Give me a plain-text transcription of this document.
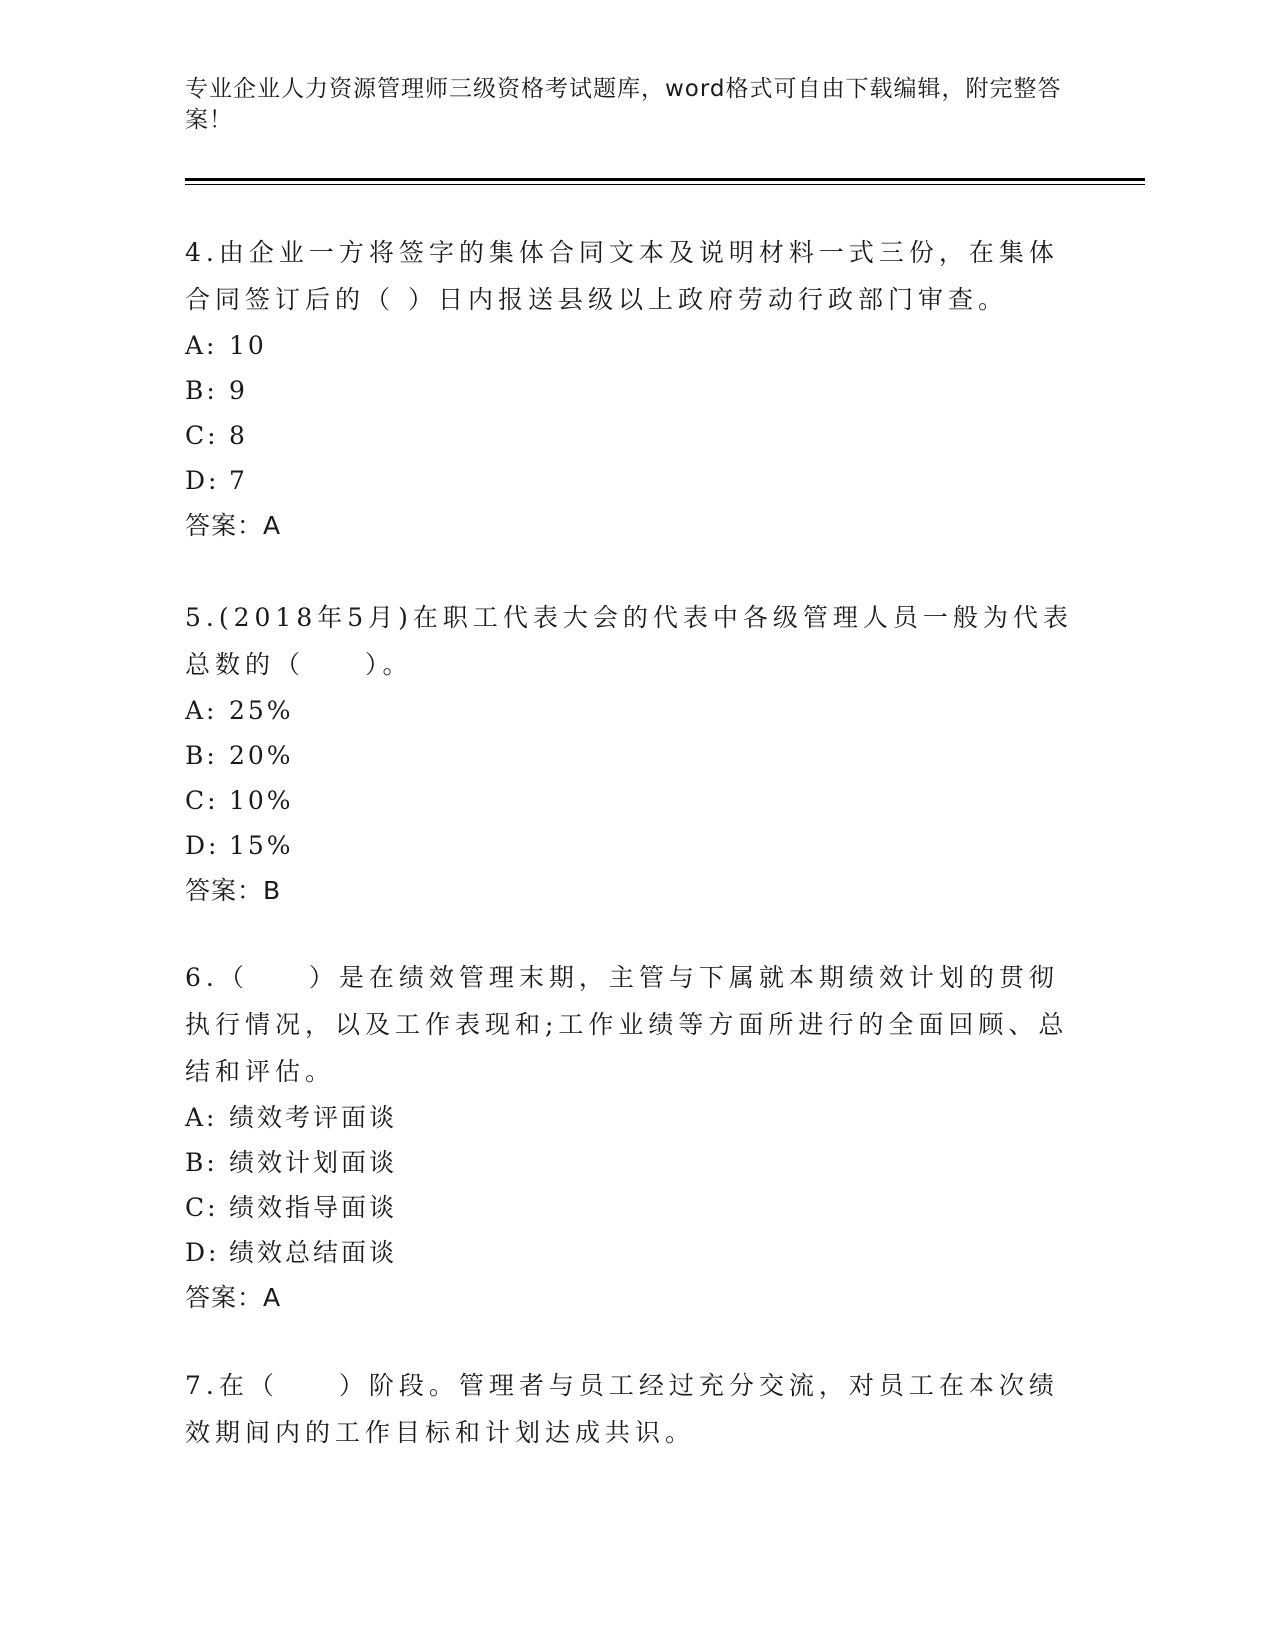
专业企业人力资源管理师三级资格考试题库，word格式可自由下载编辑，附完整答案！

4.由企业一方将签字的集体合同文本及说明材料一式三份，在集体合同签订后的（ ）日内报送县级以上政府劳动行政部门审查。

A: 10
B: 9
C: 8
D: 7

答案：A

5.(2018年5月)在职工代表大会的代表中各级管理人员一般为代表总数的（　　）。

A: 25%
B: 20%
C: 10%
D: 15%

答案：B

6.（　　）是在绩效管理末期，主管与下属就本期绩效计划的贯彻执行情况，以及工作表现和;工作业绩等方面所进行的全面回顾、总结和评估。

A: 绩效考评面谈
B: 绩效计划面谈
C: 绩效指导面谈
D: 绩效总结面谈

答案：A

7.在（　　）阶段。管理者与员工经过充分交流，对员工在本次绩效期间内的工作目标和计划达成共识。
